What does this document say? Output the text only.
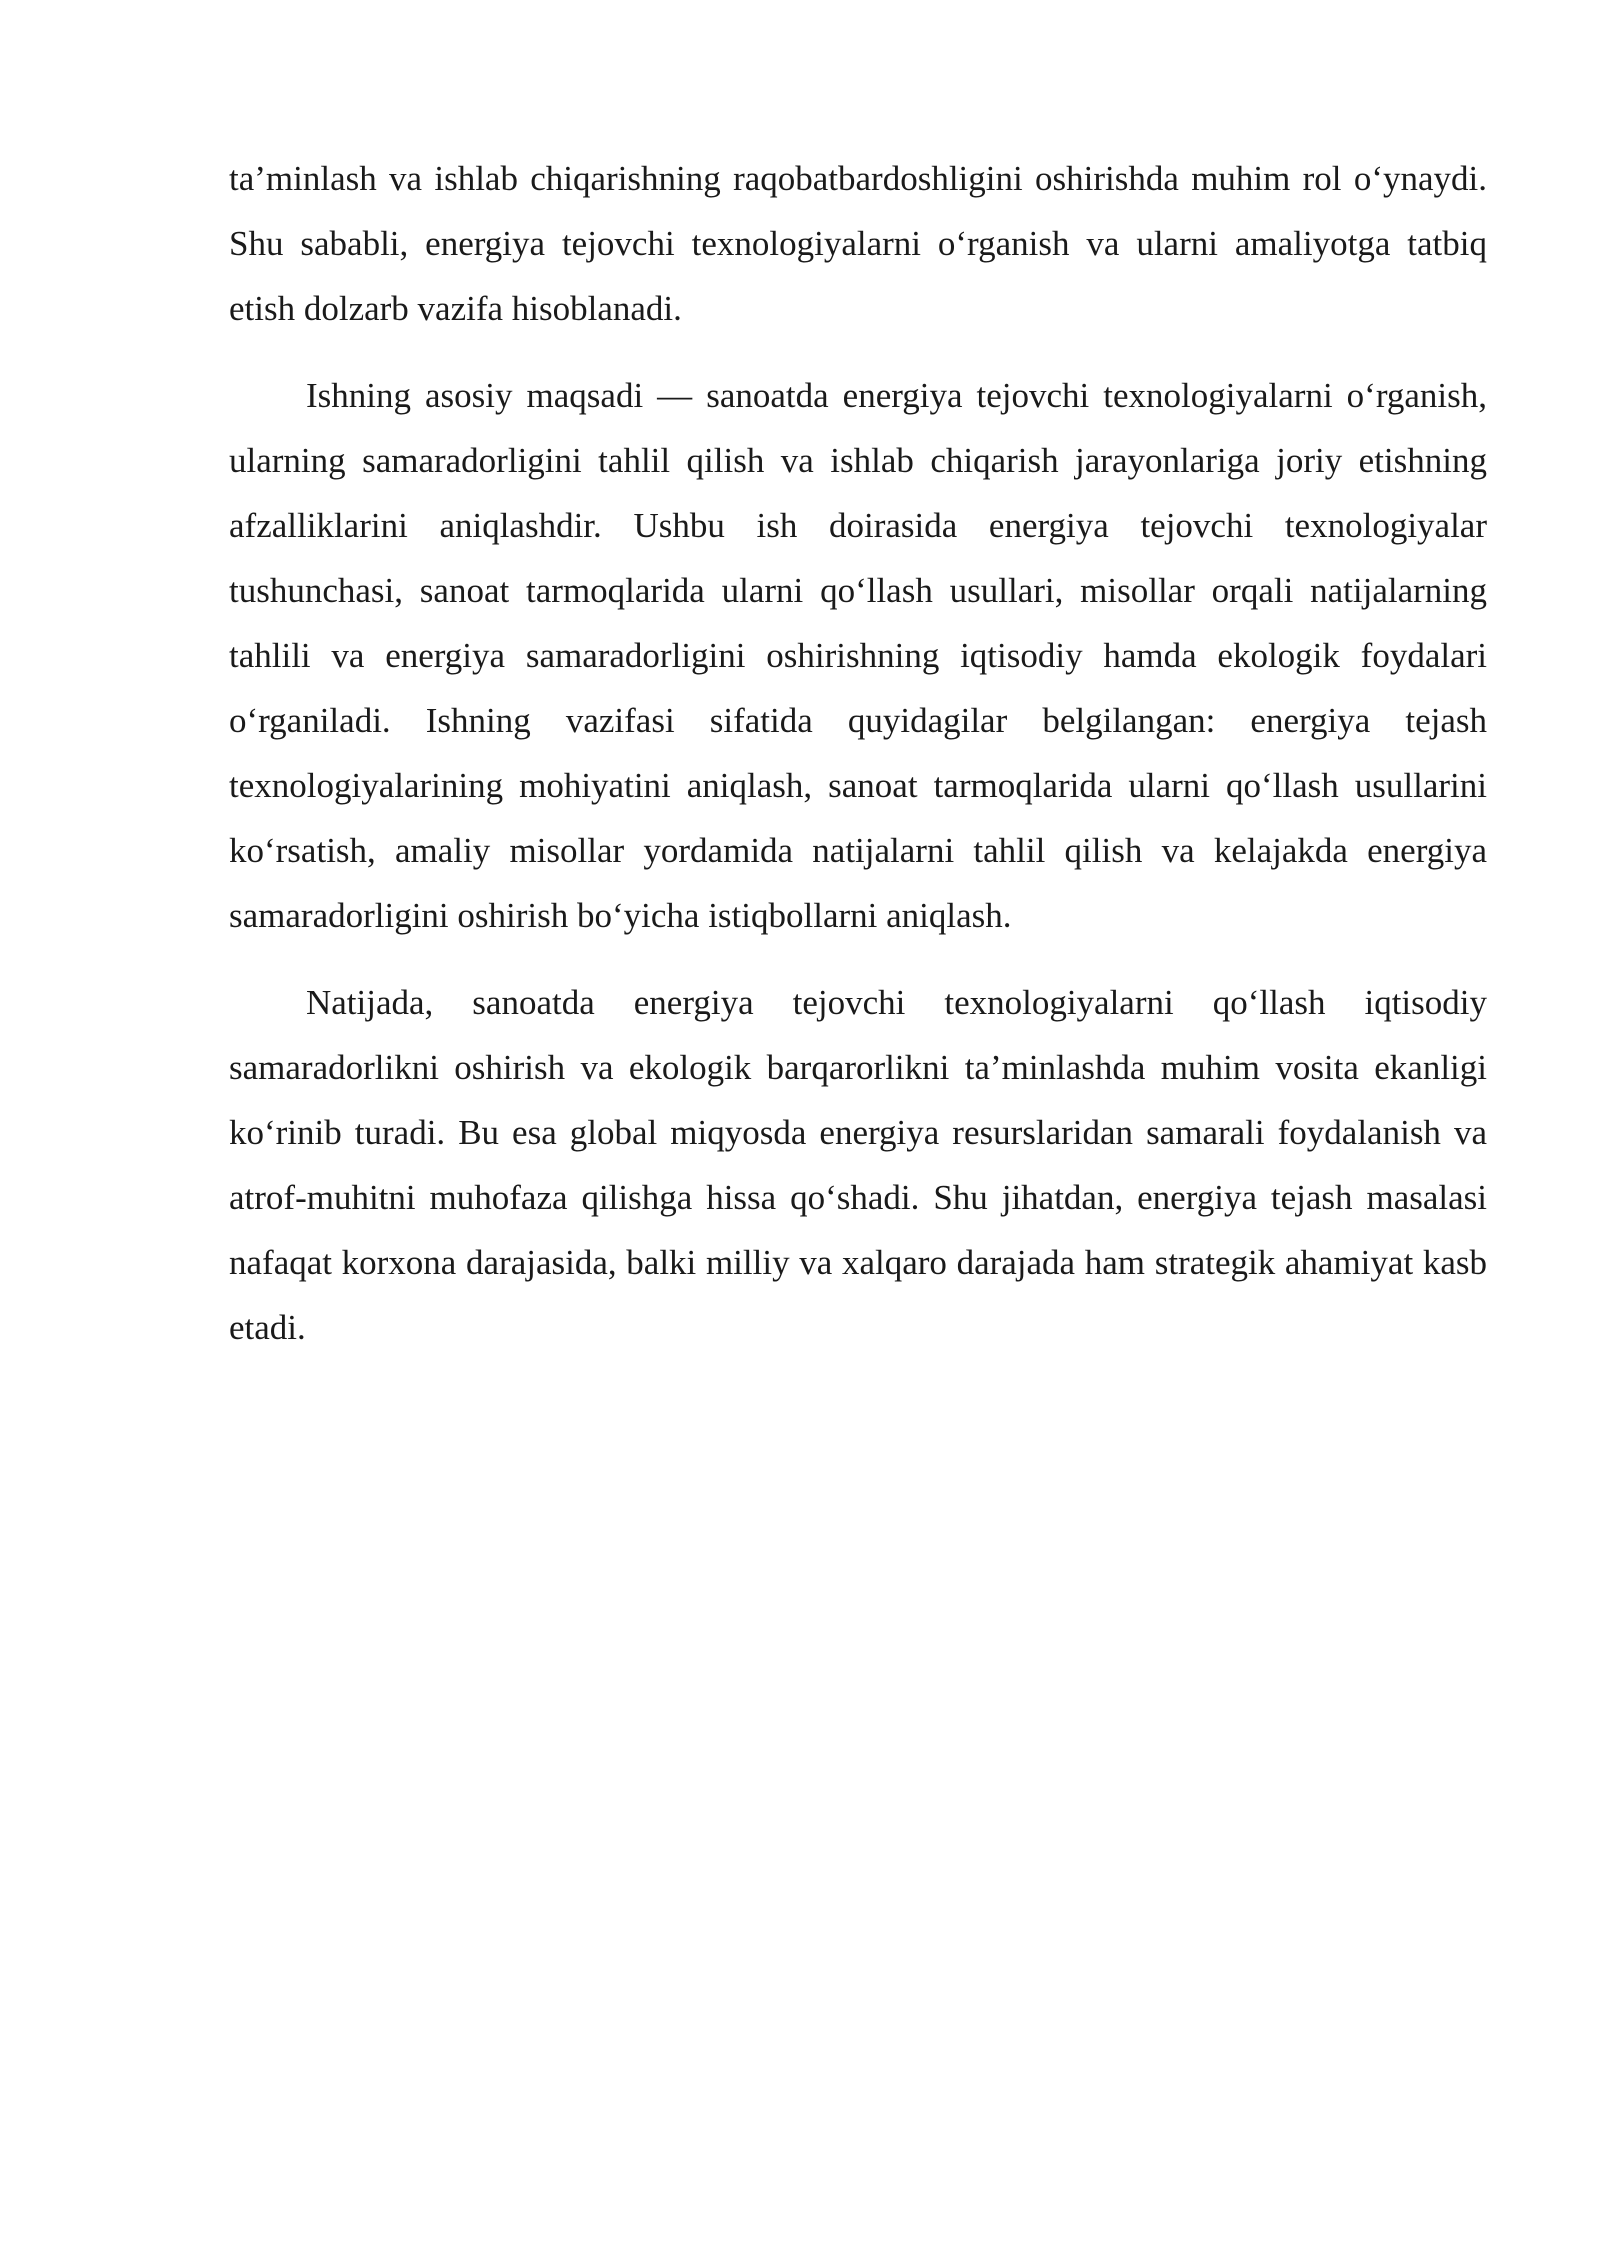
ta’minlash va ishlab chiqarishning raqobatbardoshligini oshirishda muhim rol o‘ynaydi. Shu sababli, energiya tejovchi texnologiyalarni o‘rganish va ularni amaliyotga tatbiq etish dolzarb vazifa hisoblanadi.

Ishning asosiy maqsadi — sanoatda energiya tejovchi texnologiyalarni o‘rganish, ularning samaradorligini tahlil qilish va ishlab chiqarish jarayonlariga joriy etishning afzalliklarini aniqlashdir. Ushbu ish doirasida energiya tejovchi texnologiyalar tushunchasi, sanoat tarmoqlarida ularni qo‘llash usullari, misollar orqali natijalarning tahlili va energiya samaradorligini oshirishning iqtisodiy hamda ekologik foydalari o‘rganiladi. Ishning vazifasi sifatida quyidagilar belgilangan: energiya tejash texnologiyalarining mohiyatini aniqlash, sanoat tarmoqlarida ularni qo‘llash usullarini ko‘rsatish, amaliy misollar yordamida natijalarni tahlil qilish va kelajakda energiya samaradorligini oshirish bo‘yicha istiqbollarni aniqlash.

Natijada, sanoatda energiya tejovchi texnologiyalarni qo‘llash iqtisodiy samaradorlikni oshirish va ekologik barqarorlikni ta’minlashda muhim vosita ekanligi ko‘rinib turadi. Bu esa global miqyosda energiya resurslaridan samarali foydalanish va atrof-muhitni muhofaza qilishga hissa qo‘shadi. Shu jihatdan, energiya tejash masalasi nafaqat korxona darajasida, balki milliy va xalqaro darajada ham strategik ahamiyat kasb etadi.
